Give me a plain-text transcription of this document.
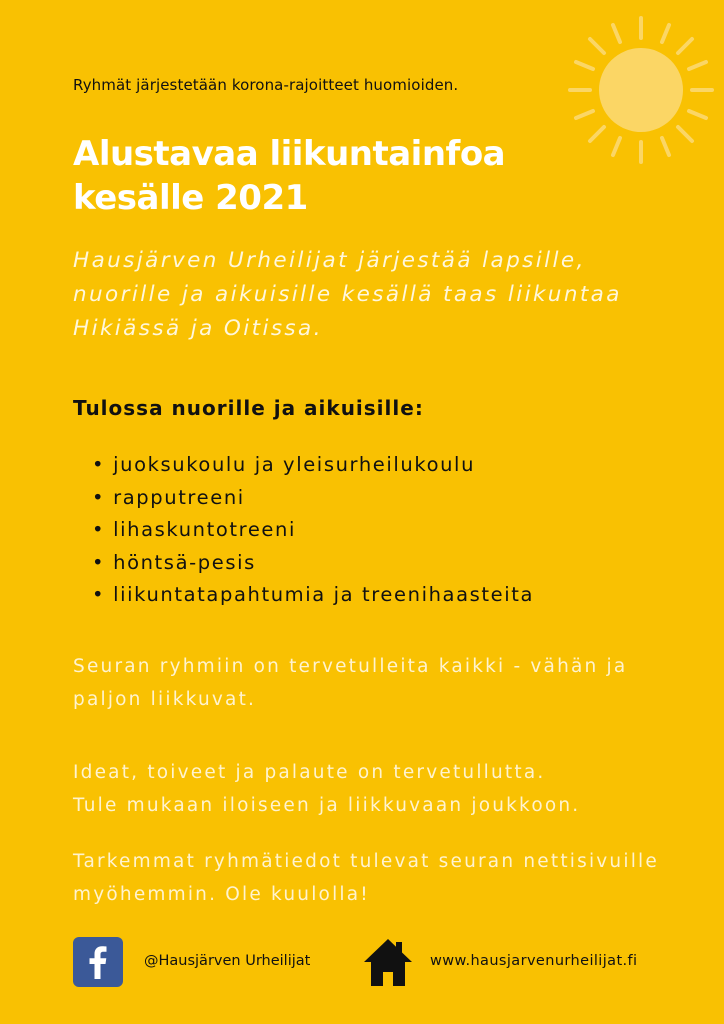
Ryhmät järjestetään korona-rajoitteet huomioiden.
Alustavaa liikuntainfoa
kesälle 2021
Hausjärven Urheilijat järjestää lapsille, nuorille ja aikuisille kesällä taas liikuntaa Hikiässä ja Oitissa.
Tulossa nuorille ja aikuisille:
• juoksukoulu ja yleisurheilukoulu
• rapputreeni
• lihaskuntotreeni
• höntsä-pesis
• liikuntatapahtumia ja treenihaasteita
Seuran ryhmiin on tervetulleita kaikki - vähän ja paljon liikkuvat.
Ideat, toiveet ja palaute on tervetullutta.
Tule mukaan iloiseen ja liikkuvaan joukkoon.
Tarkemmat ryhmätiedot tulevat seuran nettisivuille myöhemmin. Ole kuulolla!
@Hausjärven Urheilijat	www.hausjarvenurheilijat.fi
